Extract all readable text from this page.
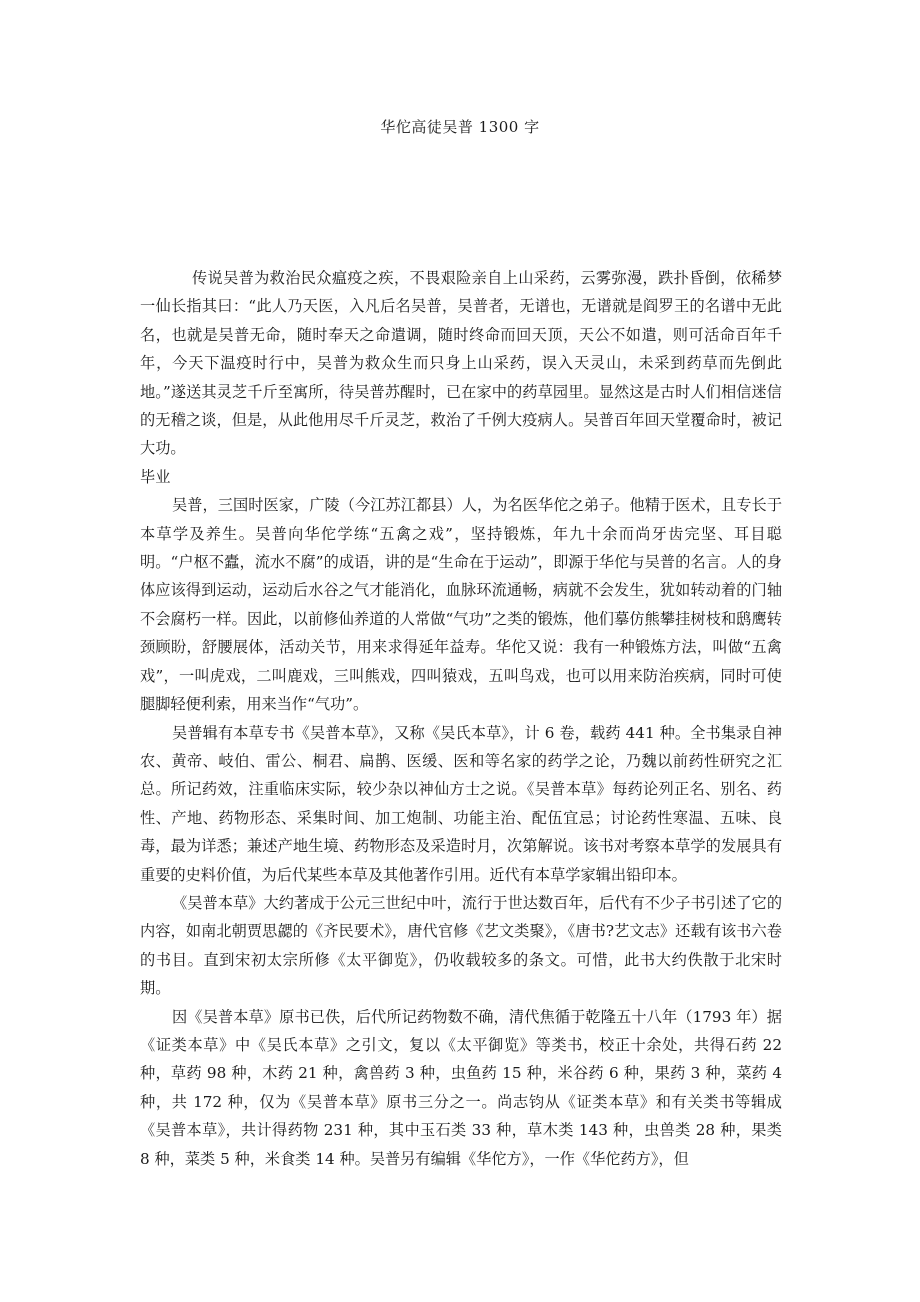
华佗高徒吴普 1300 字

传说吴普为救治民众瘟疫之疾，不畏艰险亲自上山采药，云雾弥漫，跌扑昏倒，依稀梦一仙长指其曰：“此人乃天医，入凡后名吴普，吴普者，无谱也，无谱就是阎罗王的名谱中无此名，也就是吴普无命，随时奉天之命遣调，随时终命而回天顶，天公不如遣，则可活命百年千年，今天下温疫时行中，吴普为救众生而只身上山采药，误入天灵山，未采到药草而先倒此地。”遂送其灵芝千斤至寓所，待吴普苏醒时，已在家中的药草园里。显然这是古时人们相信迷信的无稽之谈，但是，从此他用尽千斤灵芝，救治了千例大疫病人。吴普百年回天堂覆命时，被记大功。

毕业

吴普，三国时医家，广陵（今江苏江都县）人，为名医华佗之弟子。他精于医术，且专长于本草学及养生。吴普向华佗学练“五禽之戏”，坚持锻炼，年九十余而尚牙齿完坚、耳目聪明。“户枢不蠹，流水不腐”的成语，讲的是“生命在于运动”，即源于华佗与吴普的名言。人的身体应该得到运动，运动后水谷之气才能消化，血脉环流通畅，病就不会发生，犹如转动着的门轴不会腐朽一样。因此，以前修仙养道的人常做“气功”之类的锻炼，他们摹仿熊攀挂树枝和鸱鹰转颈顾盼，舒腰展体，活动关节，用来求得延年益寿。华佗又说：我有一种锻炼方法，叫做“五禽戏”，一叫虎戏，二叫鹿戏，三叫熊戏，四叫猿戏，五叫鸟戏，也可以用来防治疾病，同时可使腿脚轻便利索，用来当作“气功”。

吴普辑有本草专书《吴普本草》，又称《吴氏本草》，计 6 卷，载药 441 种。全书集录自神农、黄帝、岐伯、雷公、桐君、扁鹊、医缓、医和等名家的药学之论，乃魏以前药性研究之汇总。所记药效，注重临床实际，较少杂以神仙方士之说。《吴普本草》每药论列正名、别名、药性、产地、药物形态、采集时间、加工炮制、功能主治、配伍宜忌；讨论药性寒温、五味、良毒，最为详悉；兼述产地生境、药物形态及采造时月，次第解说。该书对考察本草学的发展具有重要的史料价值，为后代某些本草及其他著作引用。近代有本草学家辑出铅印本。

《吴普本草》大约著成于公元三世纪中叶，流行于世达数百年，后代有不少子书引述了它的内容，如南北朝贾思勰的《齐民要术》，唐代官修《艺文类聚》，《唐书?艺文志》还载有该书六卷的书目。直到宋初太宗所修《太平御览》，仍收载较多的条文。可惜，此书大约佚散于北宋时期。

因《吴普本草》原书已佚，后代所记药物数不确，清代焦循于乾隆五十八年（1793 年）据《证类本草》中《吴氏本草》之引文，复以《太平御览》等类书，校正十余处，共得石药 22 种，草药 98 种，木药 21 种，禽兽药 3 种，虫鱼药 15 种，米谷药 6 种，果药 3 种，菜药 4 种，共 172 种，仅为《吴普本草》原书三分之一。尚志钧从《证类本草》和有关类书等辑成《吴普本草》，共计得药物 231 种，其中玉石类 33 种，草木类 143 种，虫兽类 28 种，果类 8 种，菜类 5 种，米食类 14 种。吴普另有编辑《华佗方》，一作《华佗药方》，但
